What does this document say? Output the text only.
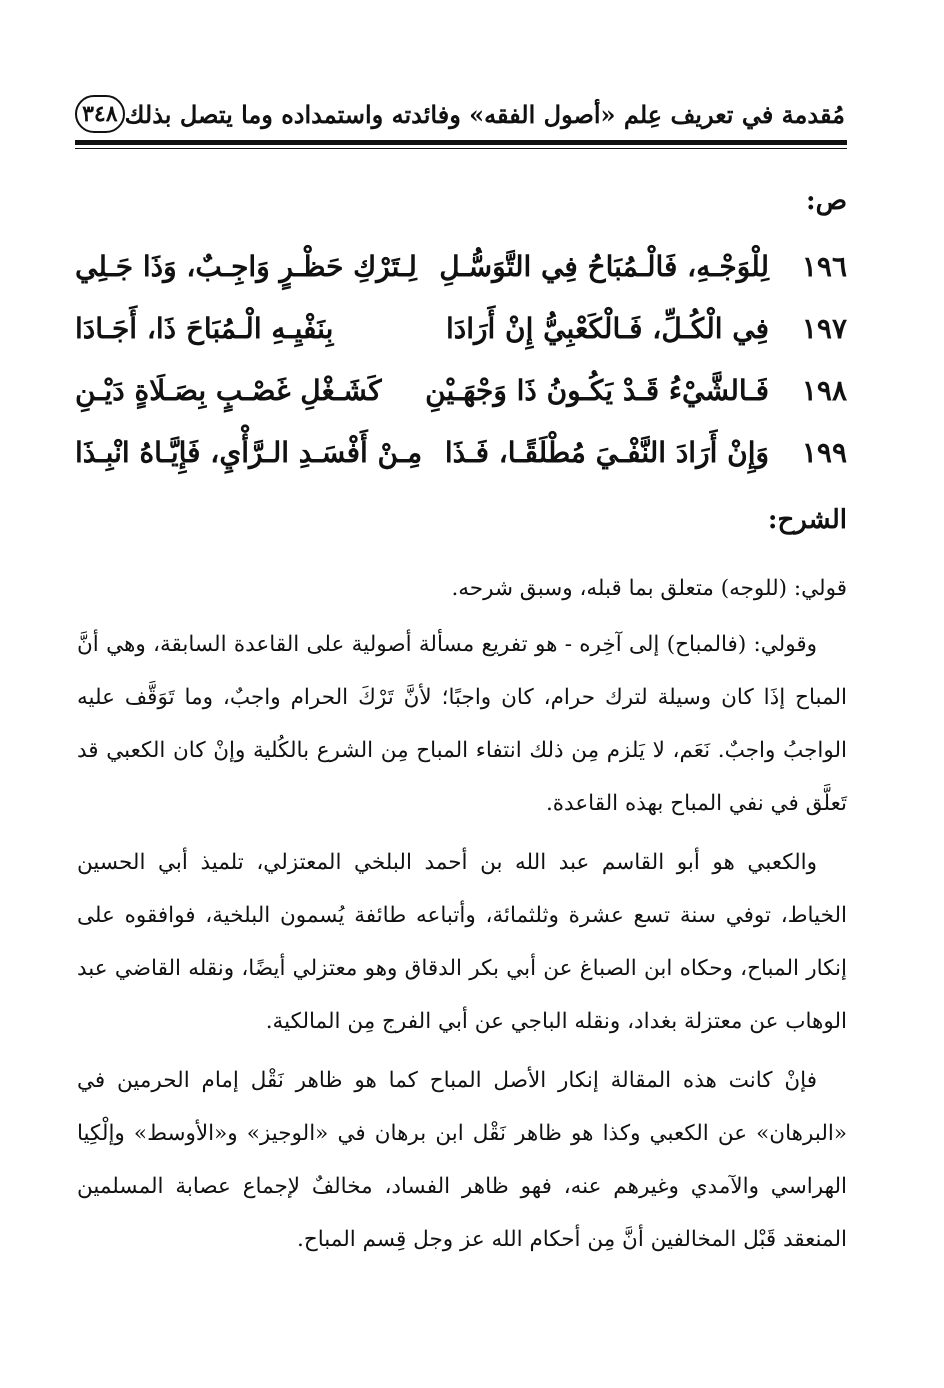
مُقدمة في تعريف عِلم «أصول الفقه» وفائدته واستمداده وما يتصل بذلك
٣٤٨
ص:
١٩٦
لِلْوَجْـهِ، فَالْـمُبَاحُ فِي التَّوَسُّـلِ
لِـتَرْكِ حَظْـرٍ وَاجِـبٌ، وَذَا جَـلِي
١٩٧
فِي الْكُـلِّ، فَـالْكَعْبِيُّ إِنْ أَرَادَا
بِنَفْيِـهِ الْـمُبَاحَ ذَا، أَجَـادَا
١٩٨
فَـالشَّيْءُ قَـدْ يَكُـونُ ذَا وَجْهَـيْنِ
كَشَـغْلِ غَصْـبٍ بِصَـلَاةٍ دَيْـنِ
١٩٩
وَإِنْ أَرَادَ النَّفْـيَ مُطْلَقًـا، فَـذَا
مِـنْ أَفْسَـدِ الـرَّأْيِ، فَإِيَّـاهُ انْبِـذَا
الشرح:

قولي: (للوجه) متعلق بما قبله، وسبق شرحه.

وقولي: (فالمباح) إلى آخِره - هو تفريع مسألة أصولية على القاعدة السابقة، وهي أنَّ المباح إذَا كان وسيلة لترك حرام، كان واجبًا؛ لأنَّ تَرْكَ الحرام واجبٌ، وما تَوَقَّف عليه الواجبُ واجبٌ. نَعَم، لا يَلزم مِن ذلك انتفاء المباح مِن الشرع بالكُلية وإنْ كان الكعبي قد تَعلَّق في نفي المباح بهذه القاعدة.

والكعبي هو أبو القاسم عبد الله بن أحمد البلخي المعتزلي، تلميذ أبي الحسين الخياط، توفي سنة تسع عشرة وثلثمائة، وأتباعه طائفة يُسمون البلخية، فوافقوه على إنكار المباح، وحكاه ابن الصباغ عن أبي بكر الدقاق وهو معتزلي أيضًا، ونقله القاضي عبد الوهاب عن معتزلة بغداد، ونقله الباجي عن أبي الفرج مِن المالكية.

فإنْ كانت هذه المقالة إنكار الأصل المباح كما هو ظاهر نَقْل إمام الحرمين في «البرهان» عن الكعبي وكذا هو ظاهر نَقْل ابن برهان في «الوجيز» و«الأوسط» وإلْكِيا الهراسي والآمدي وغيرهم عنه، فهو ظاهر الفساد، مخالفٌ لإجماع عصابة المسلمين المنعقد قَبْل المخالفين أنَّ مِن أحكام الله عز وجل قِسم المباح.
